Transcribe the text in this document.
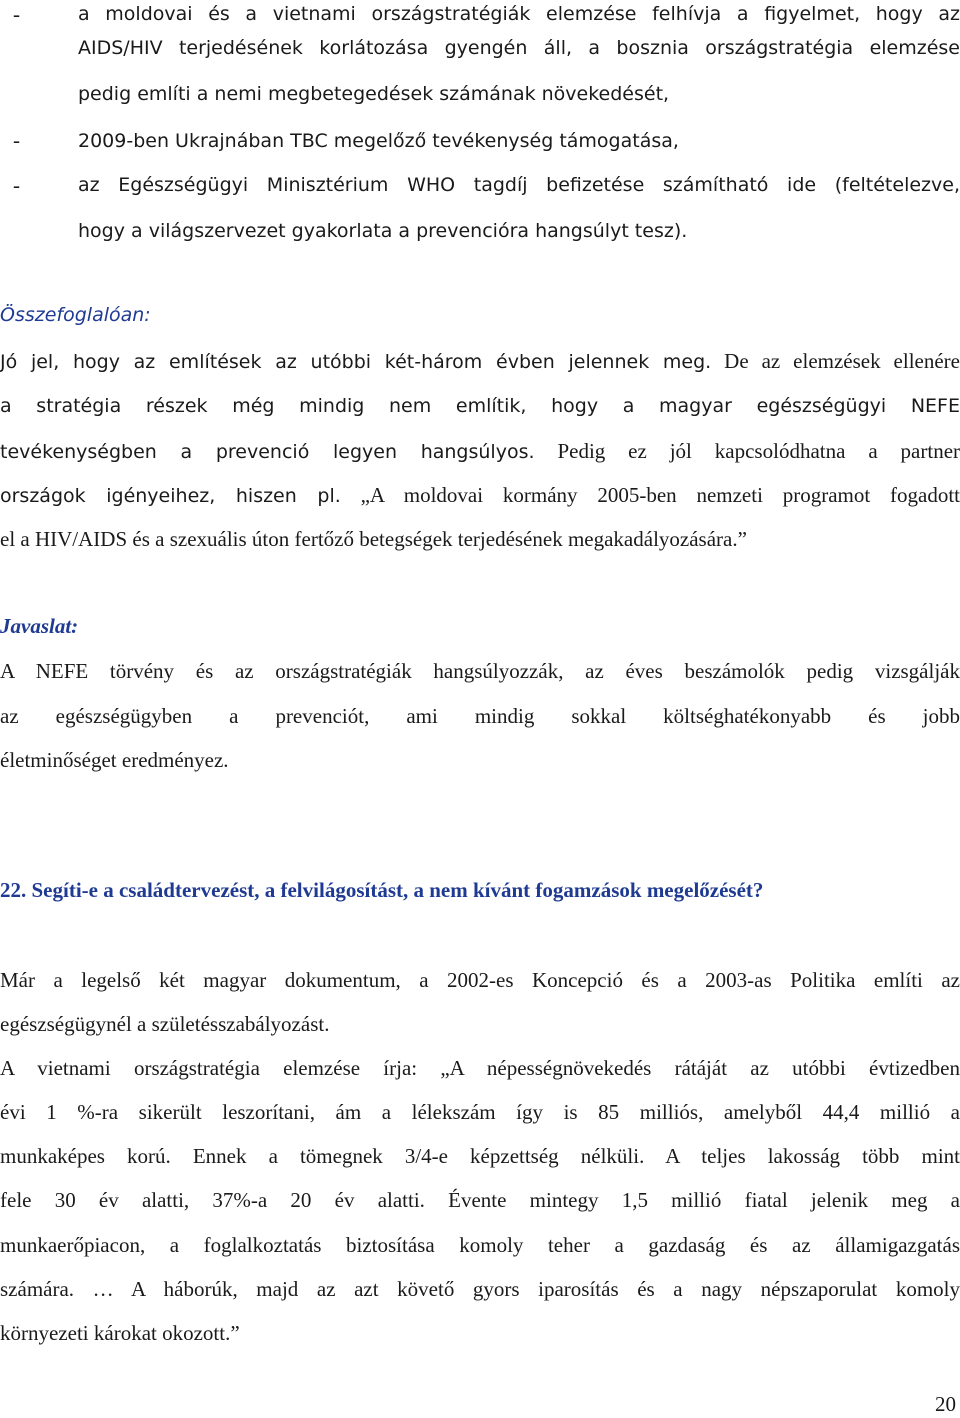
-	a moldovai és a vietnami országstratégiák elemzése felhívja a figyelmet, hogy az
AIDS/HIV terjedésének korlátozása gyengén áll, a bosznia országstratégia elemzése
pedig említi a nemi megbetegedések számának növekedését,
-	2009-ben Ukrajnában TBC megelőző tevékenység támogatása,
-	az Egészségügyi Minisztérium WHO tagdíj befizetése számítható ide (feltételezve,
hogy a világszervezet gyakorlata a prevencióra hangsúlyt tesz).
Összefoglalóan:
Jó jel, hogy az említések az utóbbi két-három évben jelennek meg. De az elemzések ellenére
a stratégia részek még mindig nem említik, hogy a magyar egészségügyi NEFE
tevékenységben a prevenció legyen hangsúlyos. Pedig ez jól kapcsolódhatna a partner
országok igényeihez, hiszen pl. „A moldovai kormány 2005-ben nemzeti programot fogadott
el a HIV/AIDS és a szexuális úton fertőző betegségek terjedésének megakadályozására.”
Javaslat:
A NEFE törvény és az országstratégiák hangsúlyozzák, az éves beszámolók pedig vizsgálják
az egészségügyben a prevenciót, ami mindig sokkal költséghatékonyabb és jobb
életminőséget eredményez.
22. Segíti-e a családtervezést, a felvilágosítást, a nem kívánt fogamzások megelőzését?
Már a legelső két magyar dokumentum, a 2002-es Koncepció és a 2003-as Politika említi az
egészségügynél a születésszabályozást.
A vietnami országstratégia elemzése írja: „A népességnövekedés rátáját az utóbbi évtizedben
évi 1 %-ra sikerült leszorítani, ám a lélekszám így is 85 milliós, amelyből 44,4 millió a
munkaképes korú. Ennek a tömegnek 3/4-e képzettség nélküli. A teljes lakosság több mint
fele 30 év alatti, 37%-a 20 év alatti. Évente mintegy 1,5 millió fiatal jelenik meg a
munkaerőpiacon, a foglalkoztatás biztosítása komoly teher a gazdaság és az államigazgatás
számára. … A háborúk, majd az azt követő gyors iparosítás és a nagy népszaporulat komoly
környezeti károkat okozott.”
20
